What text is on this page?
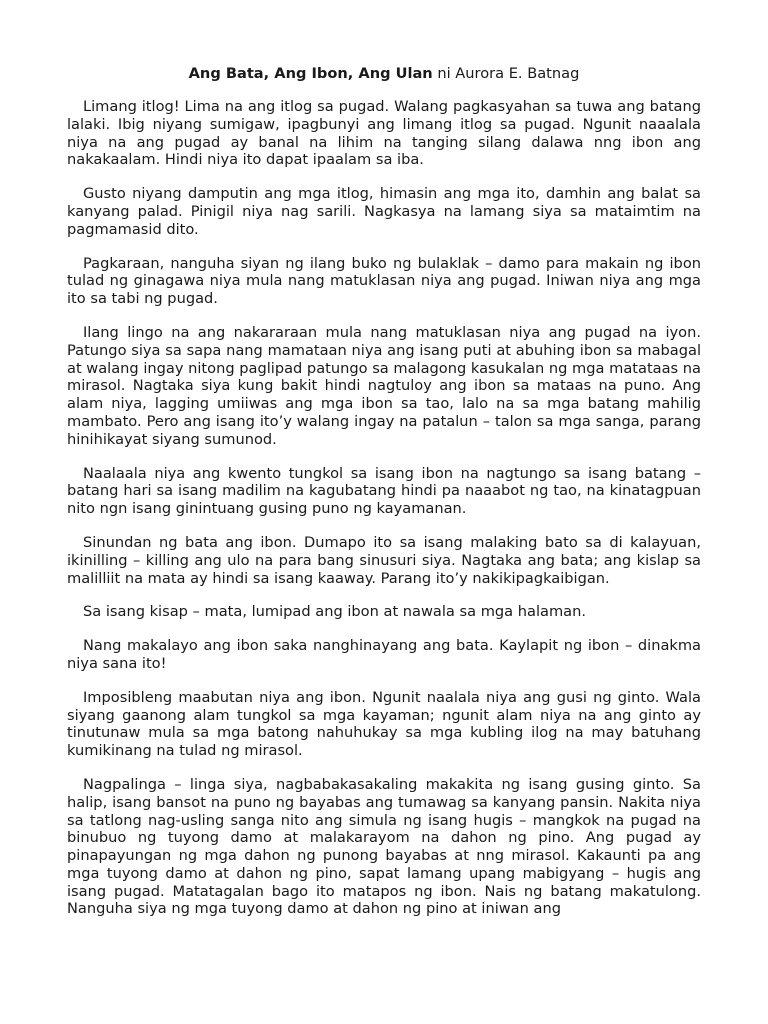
Ang Bata, Ang Ibon, Ang Ulan ni Aurora E. Batnag

Limang itlog! Lima na ang itlog sa pugad. Walang pagkasyahan sa tuwa ang batang lalaki. Ibig niyang sumigaw, ipagbunyi ang limang itlog sa pugad. Ngunit naaalala niya na ang pugad ay banal na lihim na tanging silang dalawa nng ibon ang nakakaalam. Hindi niya ito dapat ipaalam sa iba.

Gusto niyang damputin ang mga itlog, himasin ang mga ito, damhin ang balat sa kanyang palad. Pinigil niya nag sarili. Nagkasya na lamang siya sa mataimtim na pagmamasid dito.

Pagkaraan, nanguha siyan ng ilang buko ng bulaklak – damo para makain ng ibon tulad ng ginagawa niya mula nang matuklasan niya ang pugad. Iniwan niya ang mga ito sa tabi ng pugad.

Ilang lingo na ang nakararaan mula nang matuklasan niya ang pugad na iyon. Patungo siya sa sapa nang mamataan niya ang isang puti at abuhing ibon sa mabagal at walang ingay nitong paglipad patungo sa malagong kasukalan ng mga matataas na mirasol. Nagtaka siya kung bakit hindi nagtuloy ang ibon sa mataas na puno. Ang alam niya, lagging umiiwas ang mga ibon sa tao, lalo na sa mga batang mahilig mambato. Pero ang isang ito’y walang ingay na patalun – talon sa mga sanga, parang hinihikayat siyang sumunod.

Naalaala niya ang kwento tungkol sa isang ibon na nagtungo sa isang batang – batang hari sa isang madilim na kagubatang hindi pa naaabot ng tao, na kinatagpuan nito ngn isang ginintuang gusing puno ng kayamanan.

Sinundan ng bata ang ibon. Dumapo ito sa isang malaking bato sa di kalayuan, ikinilling – killing ang ulo na para bang sinusuri siya. Nagtaka ang bata; ang kislap sa malilliit na mata ay hindi sa isang kaaway. Parang ito’y nakikipagkaibigan.

Sa isang kisap – mata, lumipad ang ibon at nawala sa mga halaman.

Nang makalayo ang ibon saka nanghinayang ang bata. Kaylapit ng ibon – dinakma niya sana ito!

Imposibleng maabutan niya ang ibon. Ngunit naalala niya ang gusi ng ginto. Wala siyang gaanong alam tungkol sa mga kayaman; ngunit alam niya na ang ginto ay tinutunaw mula sa mga batong nahuhukay sa mga kubling ilog na may batuhang kumikinang na tulad ng mirasol.

Nagpalinga – linga siya, nagbabakasakaling makakita ng isang gusing ginto. Sa halip, isang bansot na puno ng bayabas ang tumawag sa kanyang pansin. Nakita niya sa tatlong nag-usling sanga nito ang simula ng isang hugis – mangkok na pugad na binubuo ng tuyong damo at malakarayom na dahon ng pino. Ang pugad ay pinapayungan ng mga dahon ng punong bayabas at nng mirasol. Kakaunti pa ang mga tuyong damo at dahon ng pino, sapat lamang upang mabigyang – hugis ang isang pugad. Matatagalan bago ito matapos ng ibon. Nais ng batang makatulong. Nanguha siya ng mga tuyong damo at dahon ng pino at iniwan ang
